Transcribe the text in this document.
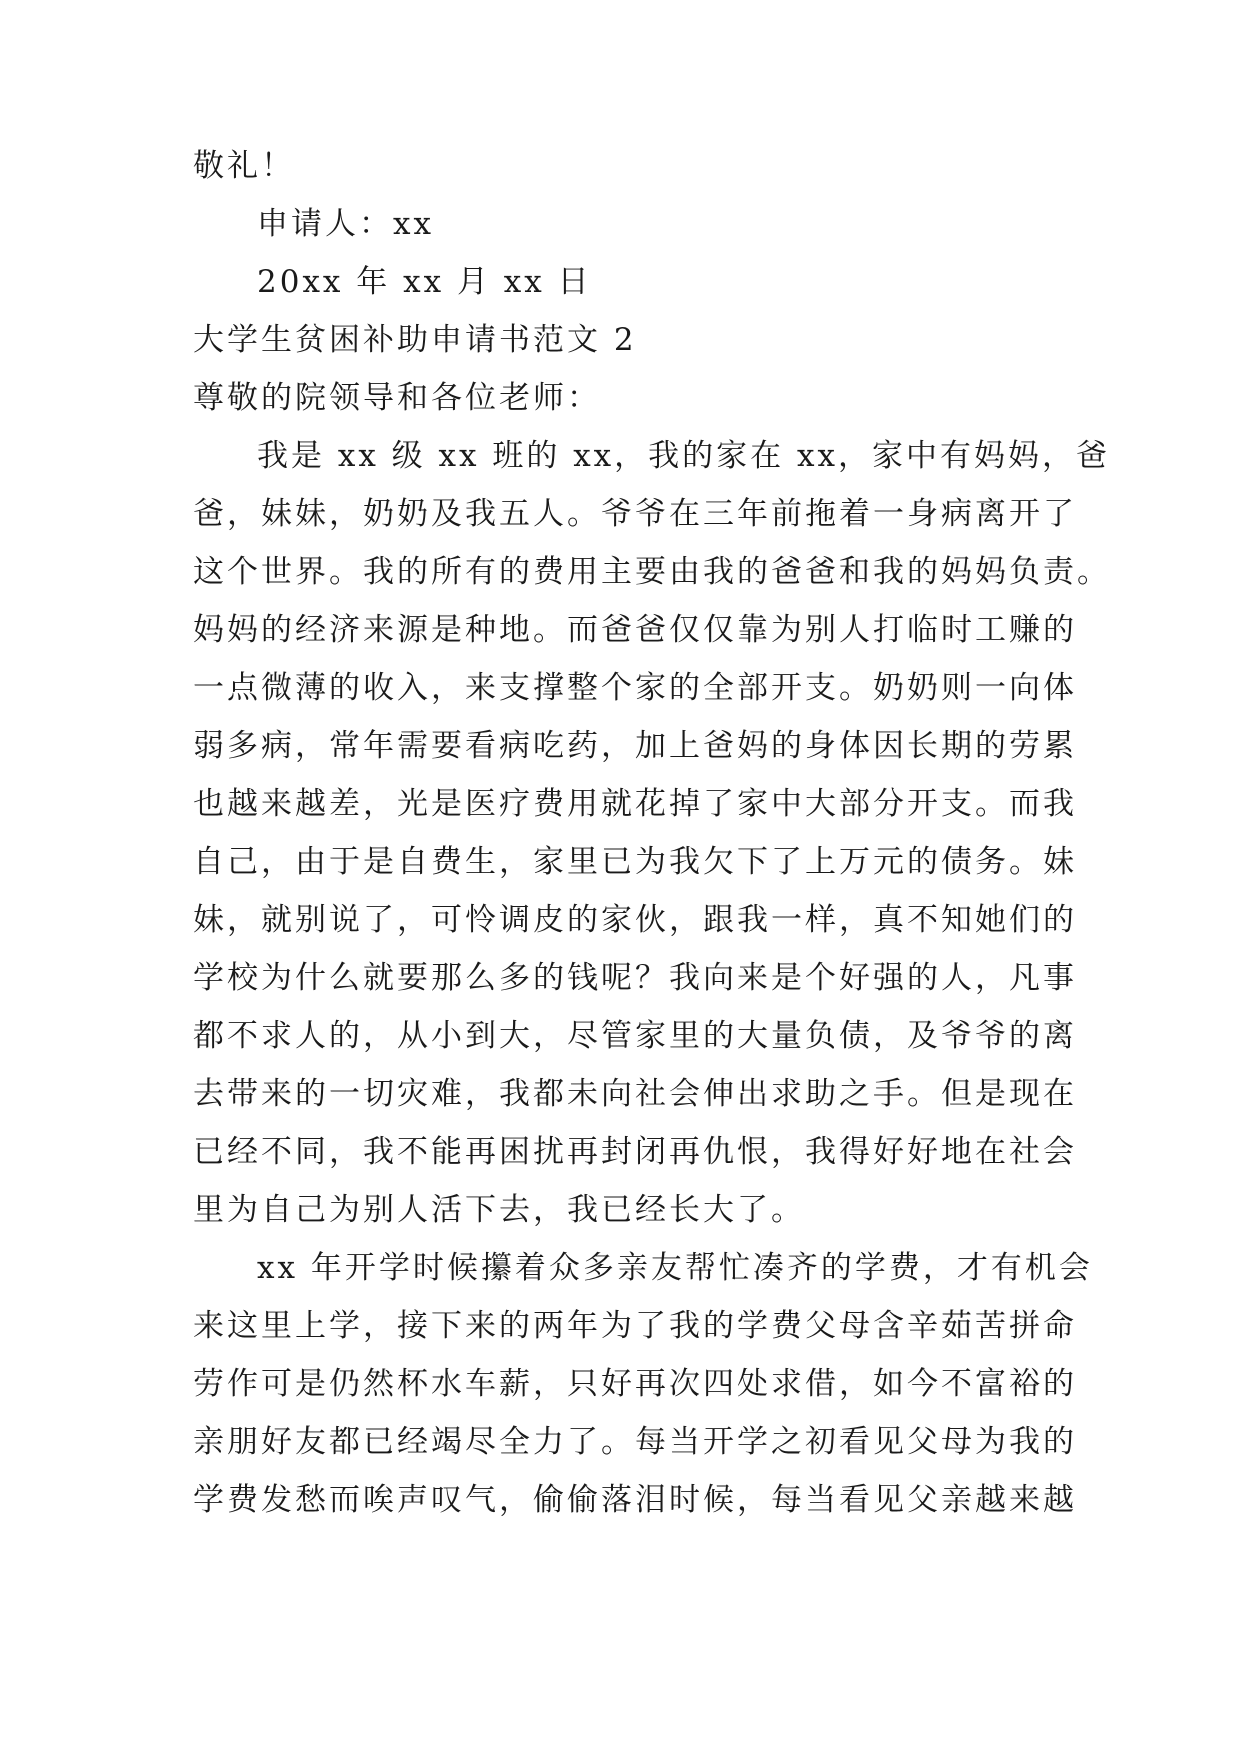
敬礼！
申请人：xx
20xx 年 xx 月 xx 日
大学生贫困补助申请书范文 2
尊敬的院领导和各位老师：
我是 xx 级 xx 班的 xx，我的家在 xx，家中有妈妈，爸
爸，妹妹，奶奶及我五人。爷爷在三年前拖着一身病离开了
这个世界。我的所有的费用主要由我的爸爸和我的妈妈负责。
妈妈的经济来源是种地。而爸爸仅仅靠为别人打临时工赚的
一点微薄的收入，来支撑整个家的全部开支。奶奶则一向体
弱多病，常年需要看病吃药，加上爸妈的身体因长期的劳累
也越来越差，光是医疗费用就花掉了家中大部分开支。而我
自己，由于是自费生，家里已为我欠下了上万元的债务。妹
妹，就别说了，可怜调皮的家伙，跟我一样，真不知她们的
学校为什么就要那么多的钱呢？我向来是个好强的人，凡事
都不求人的，从小到大，尽管家里的大量负债，及爷爷的离
去带来的一切灾难，我都未向社会伸出求助之手。但是现在
已经不同，我不能再困扰再封闭再仇恨，我得好好地在社会
里为自己为别人活下去，我已经长大了。
xx 年开学时候攥着众多亲友帮忙凑齐的学费，才有机会
来这里上学，接下来的两年为了我的学费父母含辛茹苦拼命
劳作可是仍然杯水车薪，只好再次四处求借，如今不富裕的
亲朋好友都已经竭尽全力了。每当开学之初看见父母为我的
学费发愁而唉声叹气，偷偷落泪时候，每当看见父亲越来越
